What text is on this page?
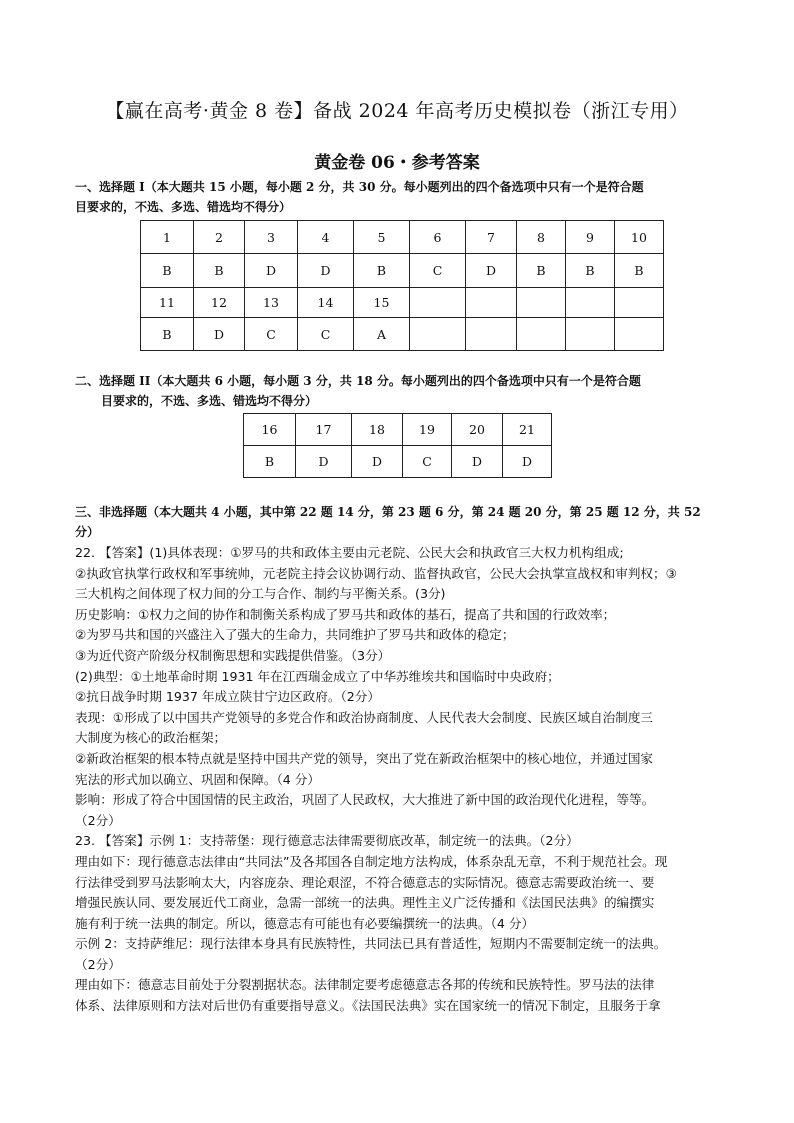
【赢在高考·黄金 8 卷】备战 2024 年高考历史模拟卷（浙江专用）
黄金卷 06・参考答案
一、选择题 I（本大题共 15 小题，每小题 2 分，共 30 分。每小题列出的四个备选项中只有一个是符合题
目要求的，不选、多选、错选均不得分）
1	2	3	4	5	6	7	8	9	10
B	B	D	D	B	C	D	B	B	B
11	12	13	14	15					
B	D	C	C	A					
二、选择题 II（本大题共 6 小题，每小题 3 分，共 18 分。每小题列出的四个备选项中只有一个是符合题
目要求的，不选、多选、错选均不得分）
16	17	18	19	20	21
B	D	D	C	D	D
三、非选择题（本大题共 4 小题，其中第 22 题 14 分，第 23 题 6 分，第 24 题 20 分，第 25 题 12 分，共 52
分）

22. 【答案】(1)具体表现：①罗马的共和政体主要由元老院、公民大会和执政官三大权力机构组成;

②执政官执掌行政权和军事统帅，元老院主持会议协调行动、监督执政官，公民大会执掌宣战权和审判权；③

三大机构之间体现了权力间的分工与合作、制约与平衡关系。(3分)

历史影响：①权力之间的协作和制衡关系构成了罗马共和政体的基石，提高了共和国的行政效率；

②为罗马共和国的兴盛注入了强大的生命力，共同维护了罗马共和政体的稳定；

③为近代资产阶级分权制衡思想和实践提供借鉴。（3分）

(2)典型：①土地革命时期 1931 年在江西瑞金成立了中华苏维埃共和国临时中央政府；

②抗日战争时期 1937 年成立陕甘宁边区政府。（2分）

表现：①形成了以中国共产党领导的多党合作和政治协商制度、人民代表大会制度、民族区域自治制度三

大制度为核心的政治框架；

②新政治框架的根本特点就是坚持中国共产党的领导，突出了党在新政治框架中的核心地位，并通过国家

宪法的形式加以确立、巩固和保障。（4 分）

影响：形成了符合中国国情的民主政治，巩固了人民政权，大大推进了新中国的政治现代化进程，等等。

（2分）

23. 【答案】示例 1：支持蒂堡：现行德意志法律需要彻底改革，制定统一的法典。（2分）

理由如下：现行德意志法律由“共同法”及各邦国各自制定地方法构成，体系杂乱无章，不利于规范社会。现

行法律受到罗马法影响太大，内容庞杂、理论艰涩，不符合德意志的实际情况。德意志需要政治统一、要

增强民族认同、要发展近代工商业，急需一部统一的法典。理性主义广泛传播和《法国民法典》的编撰实

施有利于统一法典的制定。所以，德意志有可能也有必要编撰统一的法典。（4 分）

示例 2：支持萨维尼：现行法律本身具有民族特性，共同法已具有普适性，短期内不需要制定统一的法典。

（2分）

理由如下：德意志目前处于分裂割据状态。法律制定要考虑德意志各邦的传统和民族特性。罗马法的法律

体系、法律原则和方法对后世仍有重要指导意义。《法国民法典》实在国家统一的情况下制定，且服务于拿
